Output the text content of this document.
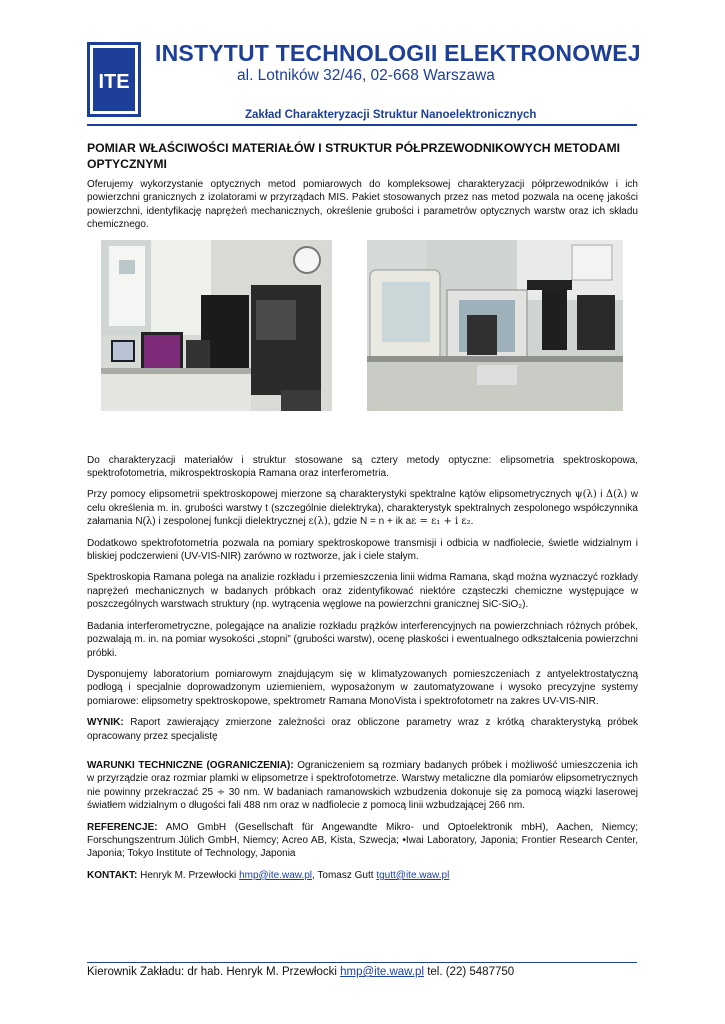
ITE
INSTYTUT TECHNOLOGII ELEKTRONOWEJ
al. Lotników 32/46, 02-668 Warszawa
Zakład Charakteryzacji Struktur Nanoelektronicznych
POMIAR WŁAŚCIWOŚCI MATERIAŁÓW I STRUKTUR PÓŁPRZEWODNIKOWYCH METODAMI OPTYCZNYMI

Oferujemy wykorzystanie optycznych metod pomiarowych do kompleksowej charakteryzacji półprzewodników i ich powierzchni granicznych z izolatorami w przyrządach MIS. Pakiet stosowanych przez nas metod pozwala na ocenę jakości powierzchni, identyfikację naprężeń mechanicznych, określenie grubości i parametrów optycznych warstw oraz ich składu chemicznego.

Do charakteryzacji materiałów i struktur stosowane są cztery metody optyczne: elipsometria spektroskopowa, spektrofotometria, mikrospektroskopia Ramana oraz interferometria.

Przy pomocy elipsometrii spektroskopowej mierzone są charakterystyki spektralne kątów elipsometrycznych ψ(λ) i Δ(λ) w celu określenia m. in. grubości warstwy t (szczególnie dielektryka), charakterystyk spektralnych zespolonego współczynnika załamania N(λ) i zespolonej funkcji dielektrycznej ε(λ), gdzie N = n + ik aε = ε₁ + i ε₂.

Dodatkowo spektrofotometria pozwala na pomiary spektroskopowe transmisji i odbicia w nadfiolecie, świetle widzialnym i bliskiej podczerwieni (UV-VIS-NIR) zarówno w roztworze, jak i ciele stałym.

Spektroskopia Ramana polega na analizie rozkładu i przemieszczenia linii widma Ramana, skąd można wyznaczyć rozkłady naprężeń mechanicznych w badanych próbkach oraz zidentyfikować niektóre cząsteczki chemiczne występujące w poszczególnych warstwach struktury (np. wytrącenia węglowe na powierzchni granicznej SiC-SiO₂).

Badania interferometryczne, polegające na analizie rozkładu prążków interferencyjnych na powierzchniach różnych próbek, pozwalają m. in. na pomiar wysokości „stopni” (grubości warstw), ocenę płaskości i ewentualnego odkształcenia powierzchni próbki.

Dysponujemy laboratorium pomiarowym znajdującym się w klimatyzowanych pomieszczeniach z antyelektrostatyczną podłogą i specjalnie doprowadzonym uziemieniem, wyposażonym w zautomatyzowane i wysoko precyzyjne systemy pomiarowe: elipsometry spektroskopowe, spektrometr Ramana MonoVista i spektrofotometr na zakres UV-VIS-NIR.

WYNIK: Raport zawierający zmierzone zależności oraz obliczone parametry wraz z krótką charakterystyką próbek opracowany przez specjalistę

WARUNKI TECHNICZNE (OGRANICZENIA): Ograniczeniem są rozmiary badanych próbek i możliwość umieszczenia ich w przyrządzie oraz rozmiar plamki w elipsometrze i spektrofotometrze. Warstwy metaliczne dla pomiarów elipsometrycznych nie powinny przekraczać 25 ÷ 30 nm. W badaniach ramanowskich wzbudzenia dokonuje się za pomocą wiązki laserowej światłem widzialnym o długości fali 488 nm oraz w nadfiolecie z pomocą linii wzbudzającej 266 nm.

REFERENCJE: AMO GmbH (Gesellschaft für Angewandte Mikro- und Optoelektronik mbH), Aachen, Niemcy; Forschungszentrum Jülich GmbH, Niemcy; Acreo AB, Kista, Szwecja; •Iwai Laboratory, Japonia; Frontier Research Center, Japonia; Tokyo Institute of Technology, Japonia

KONTAKT: Henryk M. Przewłocki hmp@ite.waw.pl, Tomasz Gutt tgutt@ite.waw.pl

Kierownik Zakładu: dr hab. Henryk M. Przewłocki hmp@ite.waw.pl tel. (22) 5487750
